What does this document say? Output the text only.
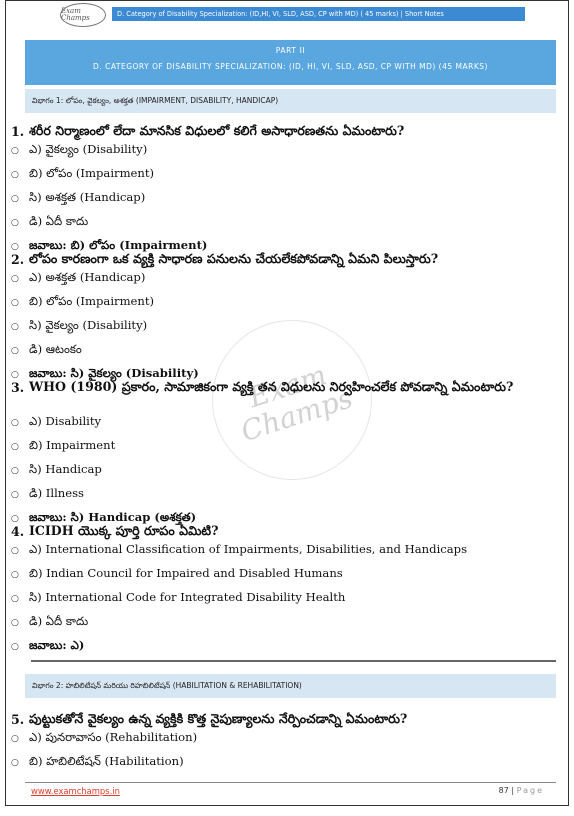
Exam Champs	D. Category of Disability Specialization: (ID,HI, VI, SLD, ASD, CP with MD) ( 45 marks) | Short Notes
PART II
D. CATEGORY OF DISABILITY SPECIALIZATION: (ID, HI, VI, SLD, ASD, CP WITH MD) (45 MARKS)
విభాగం 1: లోపం, వైకల్యం, అశక్తత (IMPAIRMENT, DISABILITY, HANDICAP)
Exam Champs
1. శరీర నిర్మాణంలో లేదా మానసిక విధులలో కలిగే అసాధారణతను ఏమంటారు?
○ ఎ) వైకల్యం (Disability)
○ బి) లోపం (Impairment)
○ సి) అశక్తత (Handicap)
○ డి) ఏదీ కాదు
○ జవాబు: బి) లోపం (Impairment)
2. లోపం కారణంగా ఒక వ్యక్తి సాధారణ పనులను చేయలేకపోవడాన్ని ఏమని పిలుస్తారు?
○ ఎ) అశక్తత (Handicap)
○ బి) లోపం (Impairment)
○ సి) వైకల్యం (Disability)
○ డి) ఆటంకం
○ జవాబు: సి) వైకల్యం (Disability)
3. WHO (1980) ప్రకారం, సామాజికంగా వ్యక్తి తన విధులను నిర్వహించలేక పోవడాన్ని ఏమంటారు?
○ ఎ) Disability
○ బి) Impairment
○ సి) Handicap
○ డి) Illness
○ జవాబు: సి) Handicap (అశక్తత)
4. ICIDH యొక్క పూర్తి రూపం ఏమిటి?
○ ఎ) International Classification of Impairments, Disabilities, and Handicaps
○ బి) Indian Council for Impaired and Disabled Humans
○ సి) International Code for Integrated Disability Health
○ డి) ఏదీ కాదు
○ జవాబు: ఎ)
విభాగం 2: హబిలిటేషన్ మరియు రిహబిలిటేషన్ (HABILITATION & REHABILITATION)
5. పుట్టుకతోనే వైకల్యం ఉన్న వ్యక్తికి కొత్త నైపుణ్యాలను నేర్పించడాన్ని ఏమంటారు?
○ ఎ) పునరావాసం (Rehabilitation)
○ బి) హబిలిటేషన్ (Habilitation)
www.examchamps.in	87 | Page
